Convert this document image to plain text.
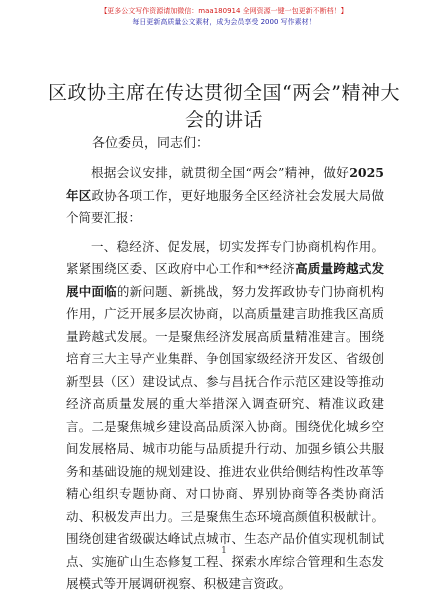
【更多公文写作资源请加微信：maa180914 全网资源一键一包更新不断档！】
每日更新高质量公文素材，成为会员享受 2000 写作素材！
区政协主席在传达贯彻全国“两会”精神大会的讲话

各位委员，同志们：

根据会议安排，就贯彻全国“两会”精神，做好2025 年区政协各项工作，更好地服务全区经济社会发展大局做个简要汇报：

一、稳经济、促发展，切实发挥专门协商机构作用。紧紧围绕区委、区政府中心工作和**经济高质量跨越式发展中面临的新问题、新挑战，努力发挥政协专门协商机构作用，广泛开展多层次协商，以高质量建言助推我区高质量跨越式发展。一是聚焦经济发展高质量精准建言。围绕培育三大主导产业集群、争创国家级经济开发区、省级创新型县（区）建设试点、参与昌抚合作示范区建设等推动经济高质量发展的重大举措深入调查研究、精准议政建言。二是聚焦城乡建设高品质深入协商。围绕优化城乡空间发展格局、城市功能与品质提升行动、加强乡镇公共服务和基础设施的规划建设、推进农业供给侧结构性改革等精心组织专题协商、对口协商、界别协商等各类协商活动、积极发声出力。三是聚焦生态环境高颜值积极献计。围绕创建省级碳达峰试点城市、生态产品价值实现机制试点、实施矿山生态修复工程、探索水库综合管理和生态发展模式等开展调研视察、积极建言资政。

1
